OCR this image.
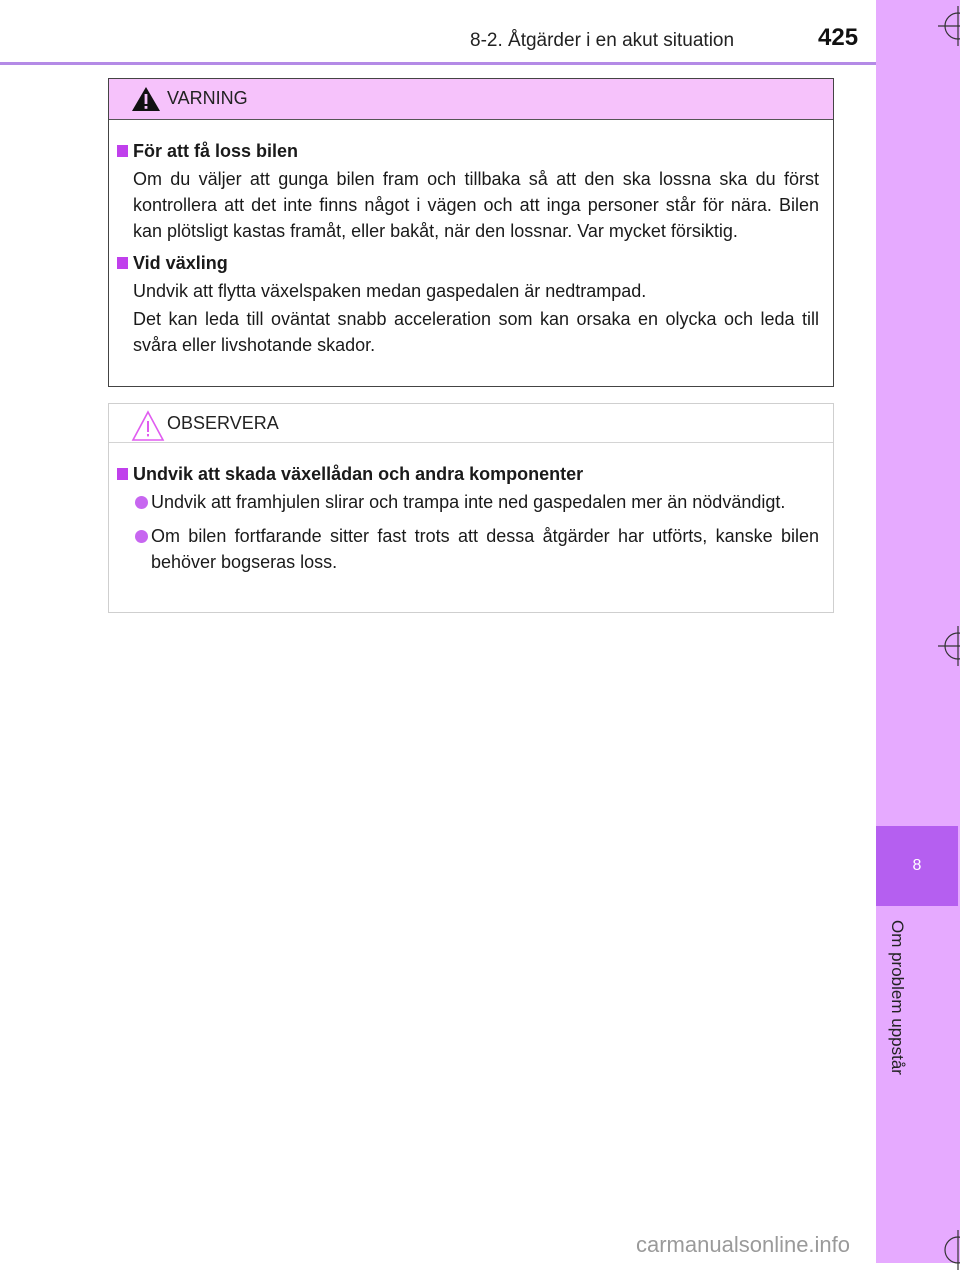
8-2. Åtgärder i en akut situation	425
8
Om problem uppstår
VARNING
För att få loss bilen
Om du väljer att gunga bilen fram och tillbaka så att den ska lossna ska du först kontrollera att det inte finns något i vägen och att inga personer står för nära. Bilen kan plötsligt kastas framåt, eller bakåt, när den lossnar. Var mycket försiktig.
Vid växling
Undvik att flytta växelspaken medan gaspedalen är nedtrampad.
Det kan leda till oväntat snabb acceleration som kan orsaka en olycka och leda till svåra eller livshotande skador.
OBSERVERA
Undvik att skada växellådan och andra komponenter
Undvik att framhjulen slirar och trampa inte ned gaspedalen mer än nödvändigt.
Om bilen fortfarande sitter fast trots att dessa åtgärder har utförts, kanske bilen behöver bogseras loss.
carmanualsonline.info
